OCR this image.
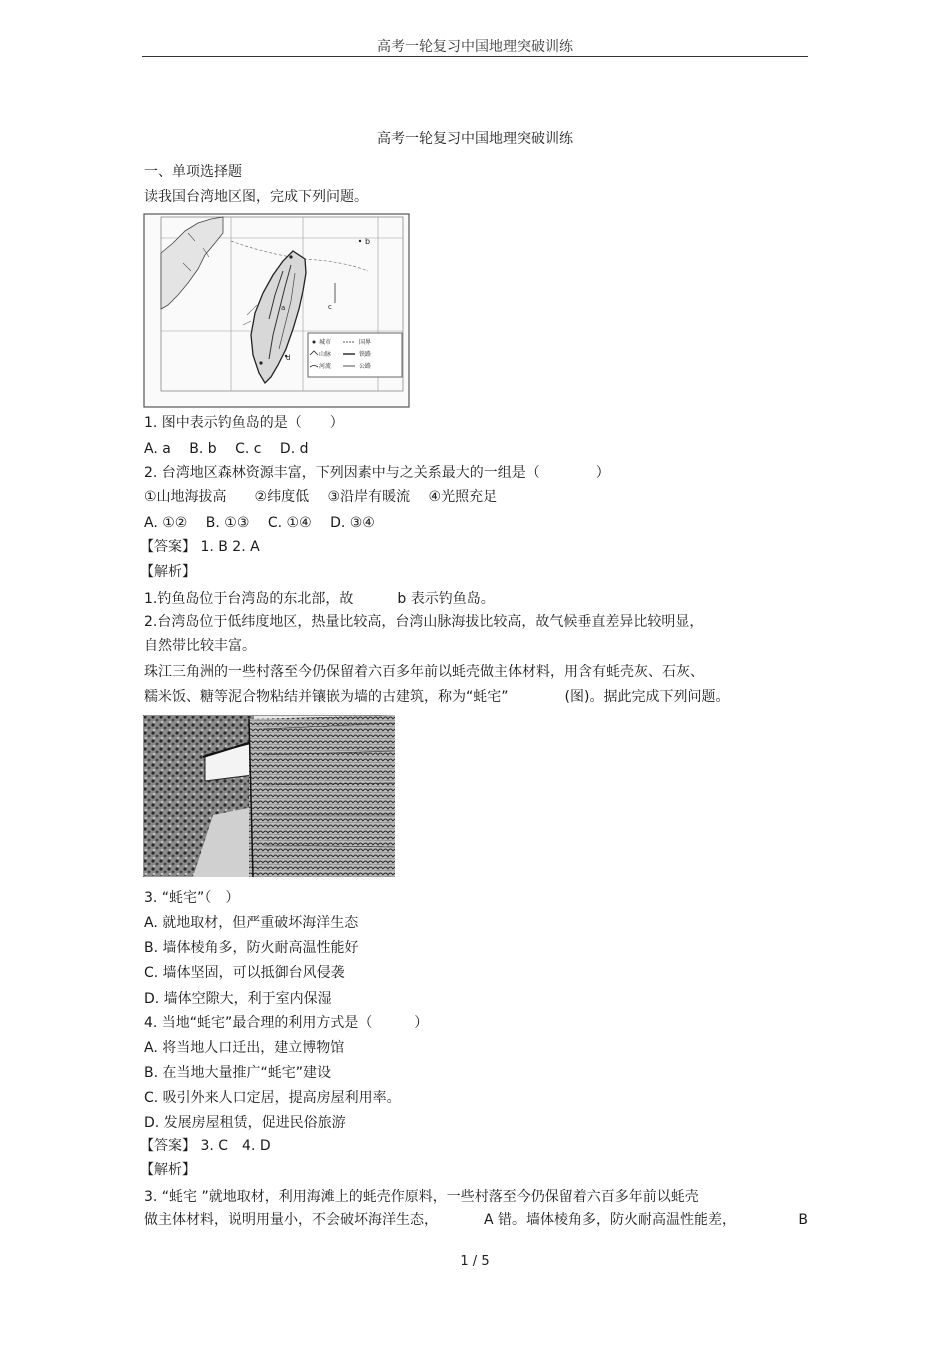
高考一轮复习中国地理突破训练
高考一轮复习中国地理突破训练
一、单项选择题
读我国台湾地区图，完成下列问题。
b
c
d
a
城市	国界
山脉	铁路
河流	公路
1. 图中表示钓鱼岛的是（　　）
A. a　 B. b　 C. c　 D. d
2. 台湾地区森林资源丰富，下列因素中与之关系最大的一组是（　　　　）
①山地海拔高　　②纬度低　 ③沿岸有暖流　 ④光照充足
A. ①②　 B. ①③　 C. ①④　 D. ③④
【答案】 1. B 2. A
【解析】
1.钓鱼岛位于台湾岛的东北部，故	b 表示钓鱼岛。
2.台湾岛位于低纬度地区，热量比较高，台湾山脉海拔比较高，故气候垂直差异比较明显，
自然带比较丰富。
珠江三角洲的一些村落至今仍保留着六百多年前以蚝壳做主体材料，用含有蚝壳灰、石灰、
糯米饭、糖等泥合物粘结并镶嵌为墙的古建筑，称为“蚝宅”	(图)。据此完成下列问题。
3. “蚝宅”（　）
A. 就地取材，但严重破坏海洋生态
B. 墙体棱角多，防火耐高温性能好
C. 墙体坚固，可以抵御台风侵袭
D. 墙体空隙大，利于室内保湿
4. 当地“蚝宅”最合理的利用方式是（　　　）
A. 将当地人口迁出，建立博物馆
B. 在当地大量推广“蚝宅”建设
C. 吸引外来人口定居，提高房屋利用率。
D. 发展房屋租赁，促进民俗旅游
【答案】 3. C　4. D
【解析】
3. “蚝宅 ”就地取材，利用海滩上的蚝壳作原料，一些村落至今仍保留着六百多年前以蚝壳
做主体材料，说明用量小，不会破坏海洋生态，	A 错。墙体棱角多，防火耐高温性能差，	B
1 / 5
